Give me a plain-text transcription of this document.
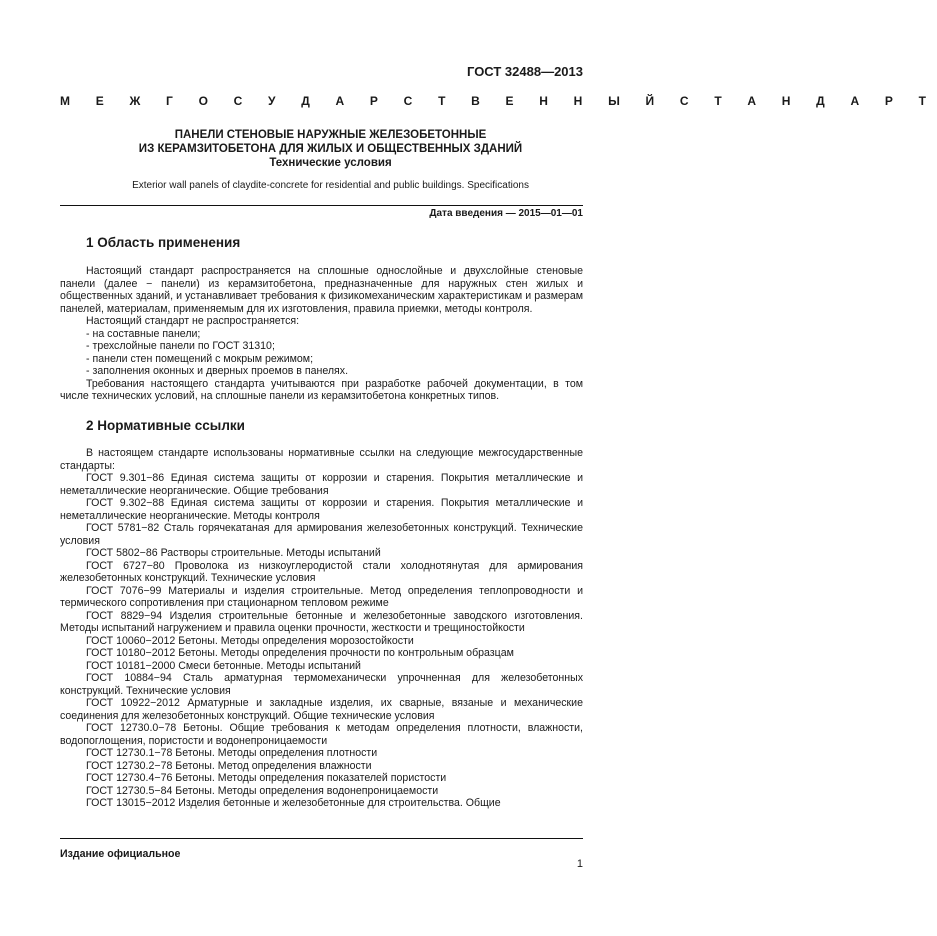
ГОСТ 32488—2013
М Е Ж Г О С У Д А Р С Т В Е Н Н Ы Й С Т А Н Д А Р Т
ПАНЕЛИ СТЕНОВЫЕ НАРУЖНЫЕ ЖЕЛЕЗОБЕТОННЫЕ
ИЗ КЕРАМЗИТОБЕТОНА ДЛЯ ЖИЛЫХ И ОБЩЕСТВЕННЫХ ЗДАНИЙ
Технические условия
Exterior wall panels of claydite-concrete for residential and public buildings. Specifications
Дата введения — 2015—01—01
1 Область применения

Настоящий стандарт распространяется на сплошные однослойные и двухслойные стеновые панели (далее − панели) из керамзитобетона, предназначенные для наружных стен жилых и общественных зданий, и устанавливает требования к физикомеханическим характеристикам и размерам панелей, материалам, применяемым для их изготовления, правила приемки, методы контроля.

Настоящий стандарт не распространяется:

- на составные панели;

- трехслойные панели по ГОСТ 31310;

- панели стен помещений с мокрым режимом;

- заполнения оконных и дверных проемов в панелях.

Требования настоящего стандарта учитываются при разработке рабочей документации, в том числе технических условий, на сплошные панели из керамзитобетона конкретных типов.

2 Нормативные ссылки

В настоящем стандарте использованы нормативные ссылки на следующие межгосударственные стандарты:

ГОСТ 9.301−86 Единая система защиты от коррозии и старения. Покрытия металлические и неметаллические неорганические. Общие требования

ГОСТ 9.302−88 Единая система защиты от коррозии и старения. Покрытия металлические и неметаллические неорганические. Методы контроля

ГОСТ 5781−82 Сталь горячекатаная для армирования железобетонных конструкций. Технические условия

ГОСТ 5802−86 Растворы строительные. Методы испытаний

ГОСТ 6727−80 Проволока из низкоуглеродистой стали холоднотянутая для армирования железобетонных конструкций. Технические условия

ГОСТ 7076−99 Материалы и изделия строительные. Метод определения теплопроводности и термического сопротивления при стационарном тепловом режиме

ГОСТ 8829−94 Изделия строительные бетонные и железобетонные заводского изготовления. Методы испытаний нагружением и правила оценки прочности, жесткости и трещиностойкости

ГОСТ 10060−2012 Бетоны. Методы определения морозостойкости

ГОСТ 10180−2012 Бетоны. Методы определения прочности по контрольным образцам

ГОСТ 10181−2000 Смеси бетонные. Методы испытаний

ГОСТ 10884−94 Сталь арматурная термомеханически упрочненная для железобетонных конструкций. Технические условия

ГОСТ 10922−2012 Арматурные и закладные изделия, их сварные, вязаные и механические соединения для железобетонных конструкций. Общие технические условия

ГОСТ 12730.0−78 Бетоны. Общие требования к методам определения плотности, влажности, водопоглощения, пористости и водонепроницаемости

ГОСТ 12730.1−78 Бетоны. Методы определения плотности

ГОСТ 12730.2−78 Бетоны. Метод определения влажности

ГОСТ 12730.4−76 Бетоны. Методы определения показателей пористости

ГОСТ 12730.5−84 Бетоны. Методы определения водонепроницаемости

ГОСТ 13015−2012 Изделия бетонные и железобетонные для строительства. Общие

Издание официальное
1
